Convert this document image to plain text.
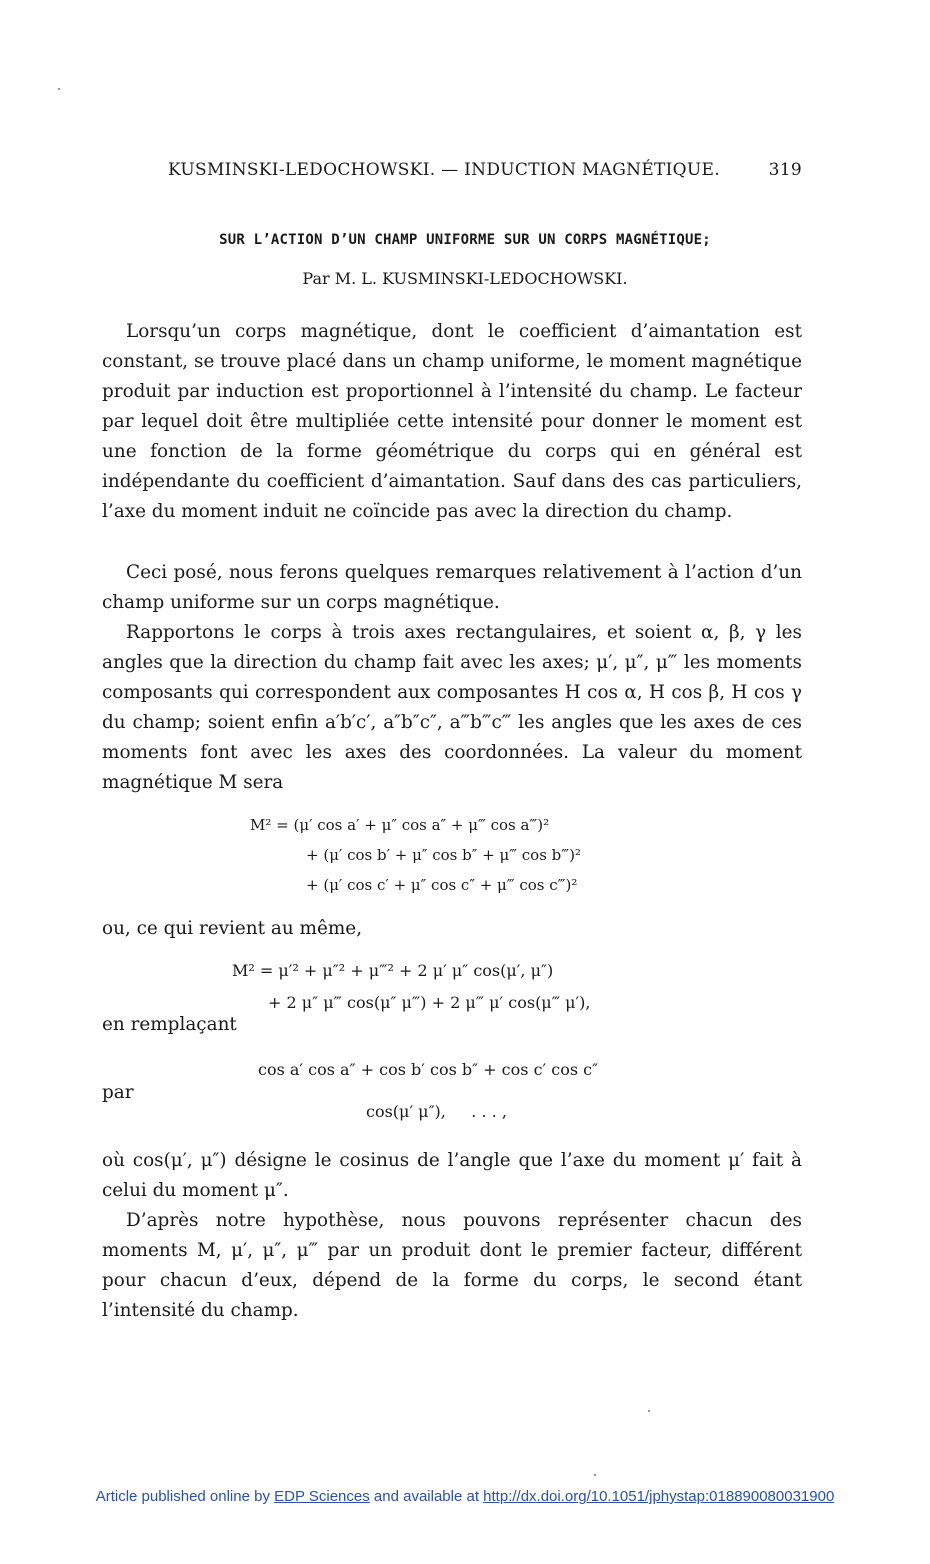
KUSMINSKI-LEDOCHOWSKI. — INDUCTION MAGNÉTIQUE.	319
SUR L’ACTION D’UN CHAMP UNIFORME SUR UN CORPS MAGNÉTIQUE;
Par M. L. KUSMINSKI-LEDOCHOWSKI.

Lorsqu’un corps magnétique, dont le coefficient d’aimantation est constant, se trouve placé dans un champ uniforme, le moment magnétique produit par induction est proportionnel à l’intensité du champ. Le facteur par lequel doit être multipliée cette intensité pour donner le moment est une fonction de la forme géométrique du corps qui en général est indépendante du coefficient d’aimantation. Sauf dans des cas particuliers, l’axe du moment induit ne coïncide pas avec la direction du champ.

Ceci posé, nous ferons quelques remarques relativement à l’action d’un champ uniforme sur un corps magnétique.

Rapportons le corps à trois axes rectangulaires, et soient α, β, γ les angles que la direction du champ fait avec les axes; μ′, μ″, μ‴ les moments composants qui correspondent aux composantes H cos α, H cos β, H cos γ du champ; soient enfin a′b′c′, a″b″c″, a‴b‴c‴ les angles que les axes de ces moments font avec les axes des coordonnées. La valeur du moment magnétique M sera

M² = (μ′ cos a′ + μ″ cos a″ + μ‴ cos a‴)²
+ (μ′ cos b′ + μ″ cos b″ + μ‴ cos b‴)²
+ (μ′ cos c′ + μ″ cos c″ + μ‴ cos c‴)²
ou, ce qui revient au même,
M² = μ′² + μ″² + μ‴² + 2 μ′ μ″ cos(μ′, μ″)
+ 2 μ″ μ‴ cos(μ″ μ‴) + 2 μ‴ μ′ cos(μ‴ μ′),
en remplaçant
cos a′ cos a″ + cos b′ cos b″ + cos c′ cos c″
par
cos(μ′ μ″),     . . . ,

où cos(μ′, μ″) désigne le cosinus de l’angle que l’axe du moment μ′ fait à celui du moment μ″.

D’après notre hypothèse, nous pouvons représenter chacun des moments M, μ′, μ″, μ‴ par un produit dont le premier facteur, différent pour chacun d’eux, dépend de la forme du corps, le second étant l’intensité du champ.

Article published online by EDP Sciences and available at http://dx.doi.org/10.1051/jphystap:018890080031900
